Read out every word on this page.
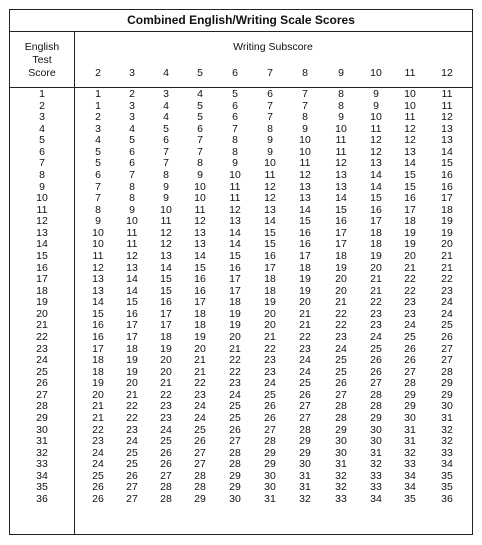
Combined English/Writing Scale Scores
English
Test
Score
Writing Subscore
2	3	4	5	6	7	8	9 10 11 12
1	1	2	3	4	5	6	7	8	9 10 11
2	1	3	4	5	6	7	7	8	9 10 11
3	2	3	4	5	6	7	8	9 10 11 12
4	3	4	5	6	7	8	9	10 11 12 13
5	4	5	6	7	8	9 10 11 12 12 13
6	5	6	7	7	8	9 10 11 12 13 14
7	5	6	7	8	9 10 11 12 13 14 15
8	6	7	8	9 10 11 12 13 14 15 16
9	7	8	9 10 11 12 13 13 14 15 16
10	7	8	9 10 11 12 13 14 15 16 17
11	8	9 10 11 12 13 14 15 16 17 18
12	9 10 11 12 13 14 15 16 17 18 19
13	10 11 12 13 14 15 16 17 18 19 19
14	10 11 12 13 14 15 16 17 18 19 20
15	11 12 13 14 15 16 17 18 19 20 21
16	12 13 14 15 16 17 18 19 20 21 21
17	13 14 15 16 17 18 19 20 21 22 22
18	13 14 15 16 17 18 19 20 21 22 23
19	14 15 16 17 18 19 20 21 22 23 24
20	15 16 17 18 19 20 21 22 23 23 24
21	16 17 17 18 19 20 21 22 23 24 25
22	16 17 18 19 20 21 22 23 24 25 26
23	17 18 19 20 21 22 23 24 25 26 27
24	18 19 20 21 22 23 24 25 26 26 27
25	18 19 20 21 22 23 24 25 26 27 28
26	19 20 21 22 23 24 25 26 27 28 29
27	20 21 22 23 24 25 26 27 28 29 29
28	21 22 23 24 25 26 27 28 28 29 30
29	21 22 23 24 25 26 27 28 29 30 31
30	22 23 24 25 26 27 28 29 30 31 32
31	23 24 25 26 27 28 29 30 30 31 32
32	24 25 26 27 28 29 29 30 31 32 33
33	24 25 26 27 28 29 30 31 32 33 34
34	25 26 27 28 29 30 31 32 33 34 35
35	26 27 28 28 29 30 31 32 33 34 35
36	26 27 28 29 30 31 32 33 34 35 36
